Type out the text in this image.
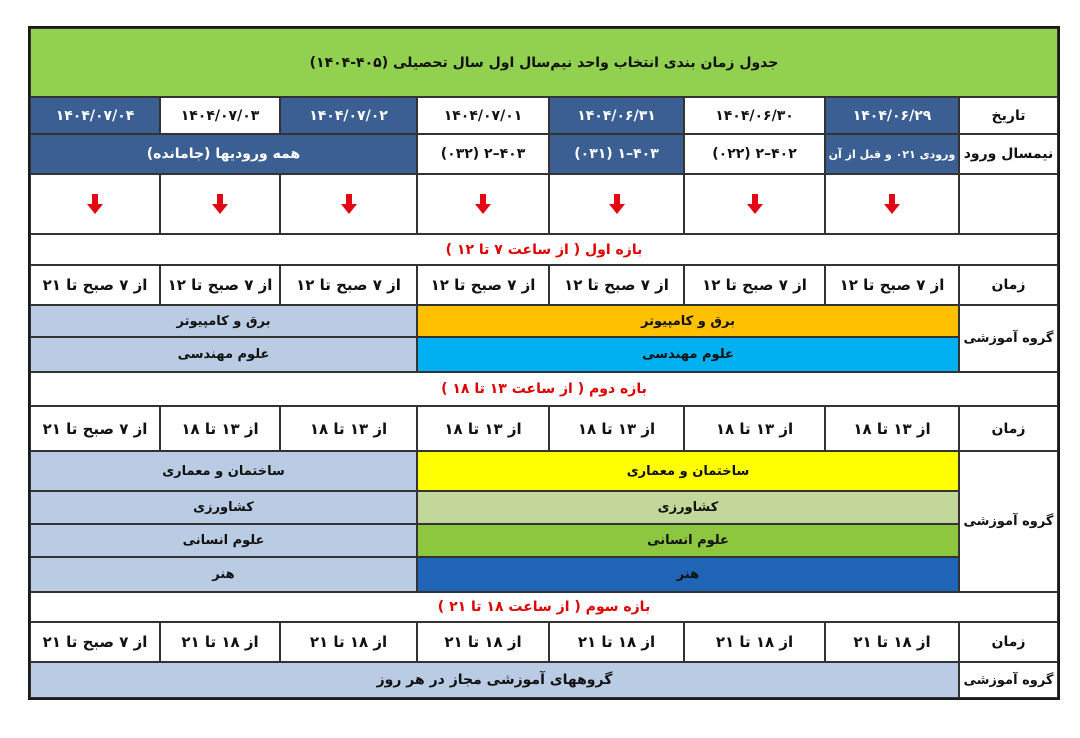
جدول زمان بندی انتخاب واحد نیم‌سال اول سال تحصیلی (۴۰۵-۱۴۰۴)
۱۴۰۴/۰۷/۰۴	۱۴۰۴/۰۷/۰۳	۱۴۰۴/۰۷/۰۲	۱۴۰۴/۰۷/۰۱	۱۴۰۴/۰۶/۳۱	۱۴۰۴/۰۶/۳۰	۱۴۰۴/۰۶/۲۹	تاریخ
همه ورودیها (جامانده)	(۰۳۲) ۲–۴۰۳	(۰۳۱) ۱–۴۰۳	(۰۲۲) ۲–۴۰۲	ورودی ۰۲۱ و قبل از آن نیمسال ورود
بازه اول ( از ساعت ۷ تا ۱۲ )
از ۷ صبح تا ۲۱	از ۷ صبح تا ۱۲	از ۷ صبح تا ۱۲	از ۷ صبح تا ۱۲	از ۷ صبح تا ۱۲	از ۷ صبح تا ۱۲	از ۷ صبح تا ۱۲	زمان
برق و کامپیوتر	برق و کامپیوتر
علوم مهندسی	علوم مهندسی
گروه آموزشی
بازه دوم ( از ساعت ۱۳ تا ۱۸ )
از ۷ صبح تا ۲۱	از ۱۳ تا ۱۸	از ۱۳ تا ۱۸	از ۱۳ تا ۱۸	از ۱۳ تا ۱۸	از ۱۳ تا ۱۸	از ۱۳ تا ۱۸	زمان
ساختمان و معماری	ساختمان و معماری
کشاورزی	کشاورزی
علوم انسانی	علوم انسانی
هنر	هنر
گروه آموزشی
بازه سوم ( از ساعت ۱۸ تا ۲۱ )
از ۷ صبح تا ۲۱	از ۱۸ تا ۲۱	از ۱۸ تا ۲۱	از ۱۸ تا ۲۱	از ۱۸ تا ۲۱	از ۱۸ تا ۲۱	از ۱۸ تا ۲۱	زمان
گروههای آموزشی مجاز در هر روز	گروه آموزشی
